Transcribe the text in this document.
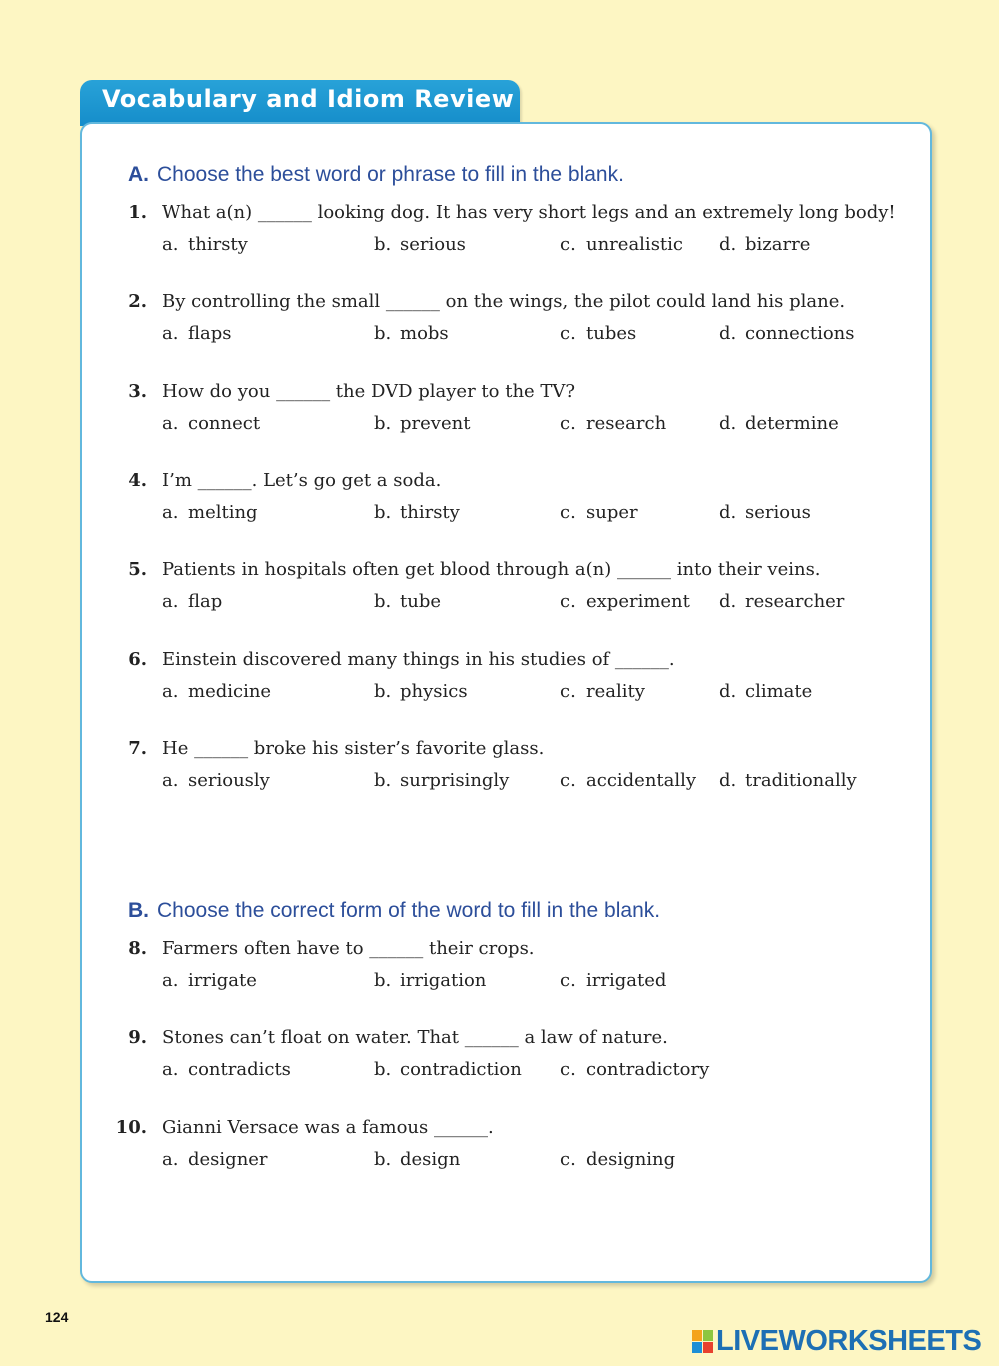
Vocabulary and Idiom Review
A. Choose the best word or phrase to fill in the blank.
1. What a(n) ______ looking dog. It has very short legs and an extremely long body!
a. thirsty	b. serious	c. unrealistic d. bizarre
2. By controlling the small ______ on the wings, the pilot could land his plane.
a. flaps	b. mobs	c. tubes	d. connections
3. How do you ______ the DVD player to the TV?
a. connect	b. prevent	c. research	d. determine
4. I’m ______. Let’s go get a soda.
a. melting	b. thirsty	c. super	d. serious
5. Patients in hospitals often get blood through a(n) ______ into their veins.
a. flap	b. tube	c. experiment d. researcher
6. Einstein discovered many things in his studies of ______.
a. medicine	b. physics	c. reality	d. climate
7. He ______ broke his sister’s favorite glass.
a. seriously	b. surprisingly	c. accidentally d. traditionally
B. Choose the correct form of the word to fill in the blank.
8. Farmers often have to ______ their crops.
a. irrigate	b. irrigation	c. irrigated
9. Stones can’t float on water. That ______ a law of nature.
a. contradicts	b. contradiction c. contradictory
10. Gianni Versace was a famous ______.
a. designer	b. design	c. designing
124
LIVEWORKSHEETS
